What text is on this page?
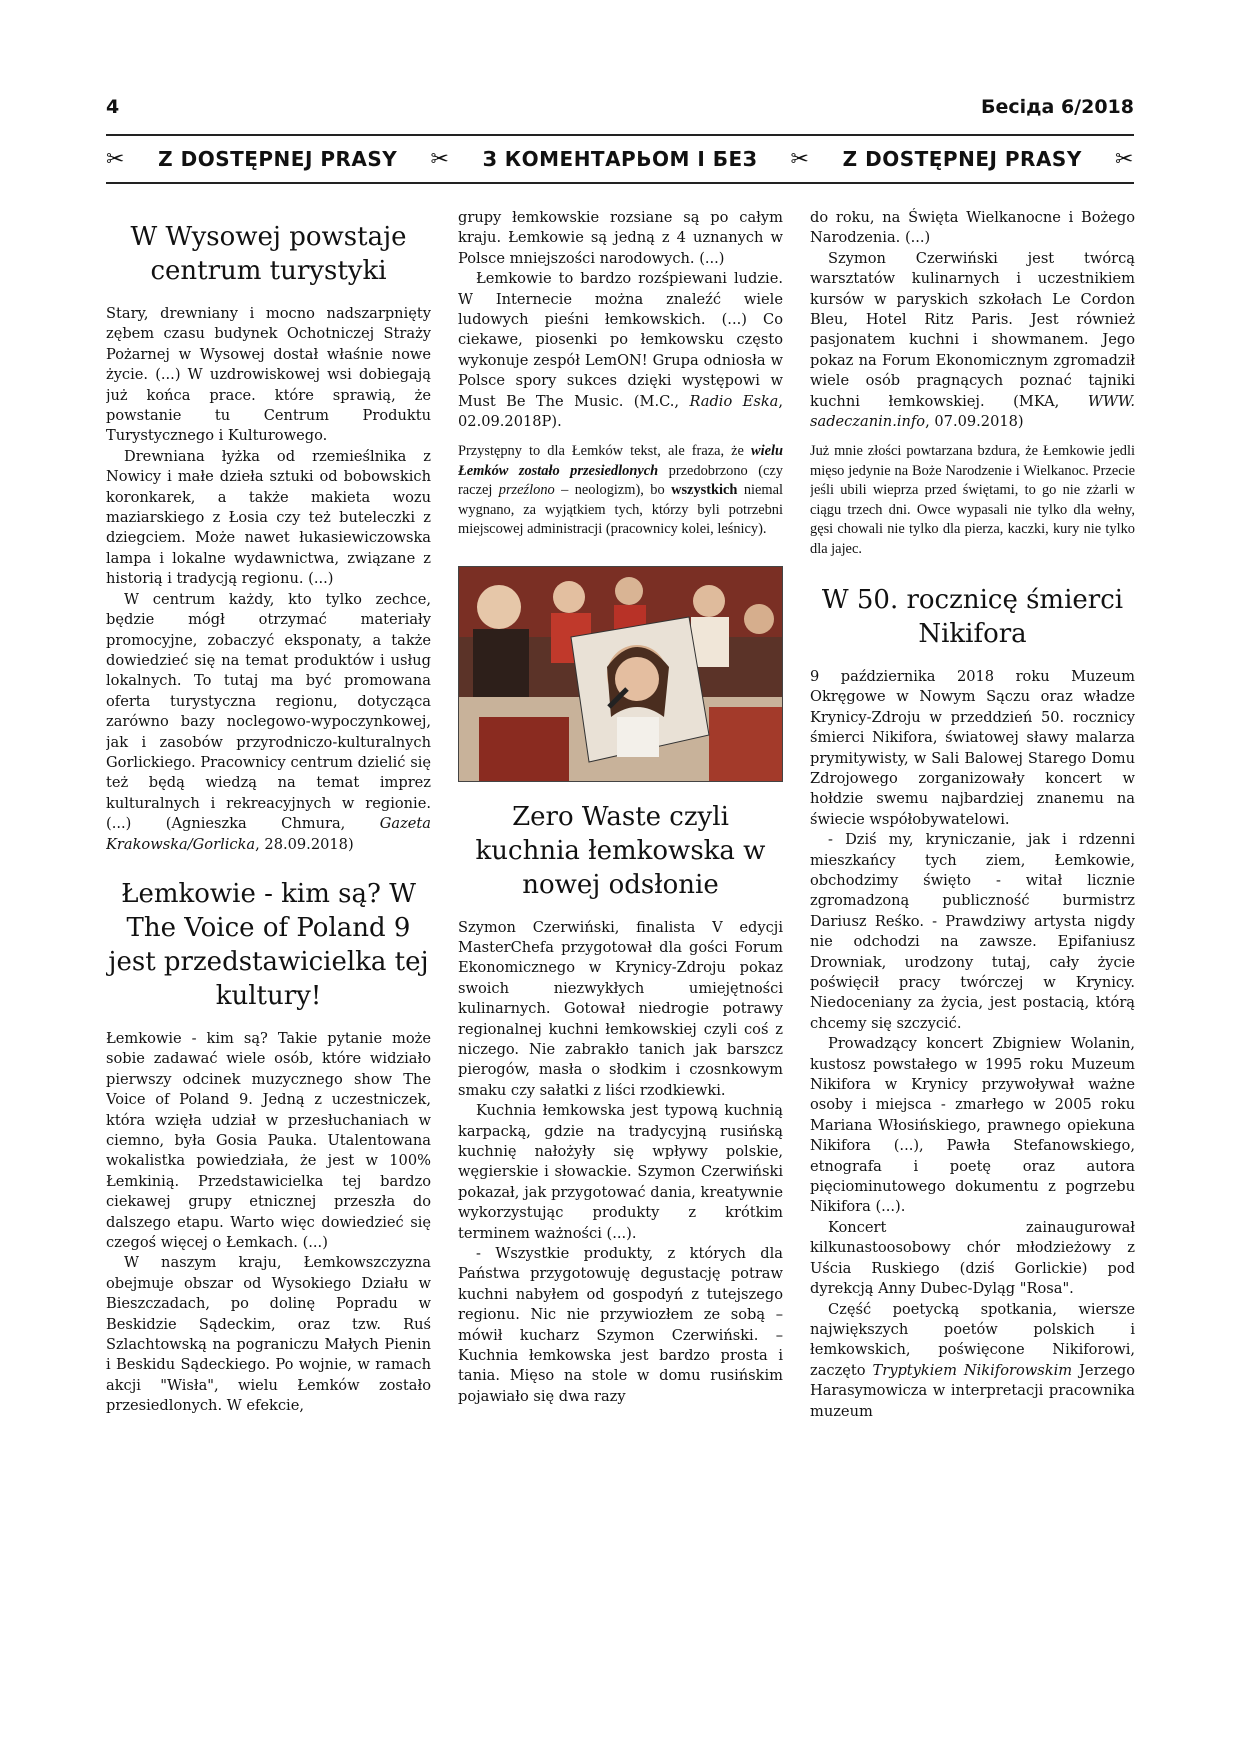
4	Бесіда 6/2018
✂ Z DOSTĘPNEJ PRASY ✂ З КОМЕНТАРЬОМ І БЕЗ ✂ Z DOSTĘPNEJ PRASY ✂
W Wysowej powstaje centrum turystyki

Stary, drewniany i mocno nadszarpnięty zębem czasu budynek Ochotniczej Straży Pożarnej w Wysowej dostał właśnie nowe życie. (...) W uzdrowiskowej wsi dobiegają już końca prace. które sprawią, że powstanie tu Centrum Produktu Turystycznego i Kulturowego.

Drewniana łyżka od rzemieślnika z Nowicy i małe dzieła sztuki od bobowskich koronkarek, a także makieta wozu maziarskiego z Łosia czy też buteleczki z dziegciem. Może nawet łukasiewiczowska lampa i lokalne wydawnictwa, związane z historią i tradycją regionu. (...)

W centrum każdy, kto tylko zechce, będzie mógł otrzymać materiały promocyjne, zobaczyć eksponaty, a także dowiedzieć się na temat produktów i usług lokalnych. To tutaj ma być promowana oferta turystyczna regionu, dotycząca zarówno bazy noclegowo-wypoczynkowej, jak i zasobów przyrodniczo-kulturalnych Gorlickiego. Pracownicy centrum dzielić się też będą wiedzą na temat imprez kulturalnych i rekreacyjnych w regionie. (...) (Agnieszka Chmura, Gazeta Krakowska/Gorlicka, 28.09.2018)

Łemkowie - kim są? W The Voice of Poland 9 jest przedstawicielka tej kultury!

Łemkowie - kim są? Takie pytanie może sobie zadawać wiele osób, które widziało pierwszy odcinek muzycznego show The Voice of Poland 9. Jedną z uczestniczek, która wzięła udział w przesłuchaniach w ciemno, była Gosia Pauka. Utalentowana wokalistka powiedziała, że jest w 100% Łemkinią. Przedstawicielka tej bardzo ciekawej grupy etnicznej przeszła do dalszego etapu. Warto więc dowiedzieć się czegoś więcej o Łemkach. (...)

W naszym kraju, Łemkowszczyzna obejmuje obszar od Wysokiego Działu w Bieszczadach, po dolinę Popradu w Beskidzie Sądeckim, oraz tzw. Ruś Szlachtowską na pograniczu Małych Pienin i Beskidu Sądeckiego. Po wojnie, w ramach akcji "Wisła", wielu Łemków zostało przesiedlonych. W efekcie,

grupy łemkowskie rozsiane są po całym kraju. Łemkowie są jedną z 4 uznanych w Polsce mniejszości narodowych. (...)

Łemkowie to bardzo rozśpiewani ludzie. W Internecie można znaleźć wiele ludowych pieśni łemkowskich. (...) Co ciekawe, piosenki po łemkowsku często wykonuje zespół LemON! Grupa odniosła w Polsce spory sukces dzięki występowi w Must Be The Music. (M.C., Radio Eska, 02.09.2018P).

Przystępny to dla Łemków tekst, ale fraza, że wielu Łemków zostało przesiedlonych przedobrzono (czy raczej przeźlono – neologizm), bo wszystkich niemal wygnano, za wyjątkiem tych, którzy byli potrzebni miejscowej administracji (pracownicy kolei, leśnicy).

Zero Waste czyli kuchnia łemkowska w nowej odsłonie

Szymon Czerwiński, finalista V edycji MasterChefa przygotował dla gości Forum Ekonomicznego w Krynicy-Zdroju pokaz swoich niezwykłych umiejętności kulinarnych. Gotował niedrogie potrawy regionalnej kuchni łemkowskiej czyli coś z niczego. Nie zabrakło tanich jak barszcz pierogów, masła o słodkim i czosnkowym smaku czy sałatki z liści rzodkiewki.

Kuchnia łemkowska jest typową kuchnią karpacką, gdzie na tradycyjną rusińską kuchnię nałożyły się wpływy polskie, węgierskie i słowackie. Szymon Czerwiński pokazał, jak przygotować dania, kreatywnie wykorzystując produkty z krótkim terminem ważności (...).

- Wszystkie produkty, z których dla Państwa przygotowuję degustację potraw kuchni nabyłem od gospodyń z tutejszego regionu. Nic nie przywiozłem ze sobą – mówił kucharz Szymon Czerwiński. – Kuchnia łemkowska jest bardzo prosta i tania. Mięso na stole w domu rusińskim pojawiało się dwa razy

do roku, na Święta Wielkanocne i Bożego Narodzenia. (...)

Szymon Czerwiński jest twórcą warsztatów kulinarnych i uczestnikiem kursów w paryskich szkołach Le Cordon Bleu, Hotel Ritz Paris. Jest również pasjonatem kuchni i showmanem. Jego pokaz na Forum Ekonomicznym zgromadził wiele osób pragnących poznać tajniki kuchni łemkowskiej. (MKA, WWW. sadeczanin.info, 07.09.2018)

Już mnie złości powtarzana bzdura, że Łemkowie jedli mięso jedynie na Boże Narodzenie i Wielkanoc. Przecie jeśli ubili wieprza przed świętami, to go nie zżarli w ciągu trzech dni. Owce wypasali nie tylko dla wełny, gęsi chowali nie tylko dla pierza, kaczki, kury nie tylko dla jajec.

W 50. rocznicę śmierci Nikifora

9 października 2018 roku Muzeum Okręgowe w Nowym Sączu oraz władze Krynicy-Zdroju w przeddzień 50. rocznicy śmierci Nikifora, światowej sławy malarza prymitywisty, w Sali Balowej Starego Domu Zdrojowego zorganizowały koncert w hołdzie swemu najbardziej znanemu na świecie współobywatelowi.

- Dziś my, kryniczanie, jak i rdzenni mieszkańcy tych ziem, Łemkowie, obchodzimy święto - witał licznie zgromadzoną publiczność burmistrz Dariusz Reśko. - Prawdziwy artysta nigdy nie odchodzi na zawsze. Epifaniusz Drowniak, urodzony tutaj, cały życie poświęcił pracy twórczej w Krynicy. Niedoceniany za życia, jest postacią, którą chcemy się szczycić.

Prowadzący koncert Zbigniew Wolanin, kustosz powstałego w 1995 roku Muzeum Nikifora w Krynicy przywoływał ważne osoby i miejsca - zmarłego w 2005 roku Mariana Włosińskiego, prawnego opiekuna Nikifora (...), Pawła Stefanowskiego, etnografa i poetę oraz autora pięciominutowego dokumentu z pogrzebu Nikifora (...).

Koncert zainaugurował kilkunastoosobowy chór młodzieżowy z Uścia Ruskiego (dziś Gorlickie) pod dyrekcją Anny Dubec-Dyląg "Rosa".

Część poetycką spotkania, wiersze największych poetów polskich i łemkowskich, poświęcone Nikiforowi, zaczęto Tryptykiem Nikiforowskim Jerzego Harasymowicza w interpretacji pracownika muzeum
